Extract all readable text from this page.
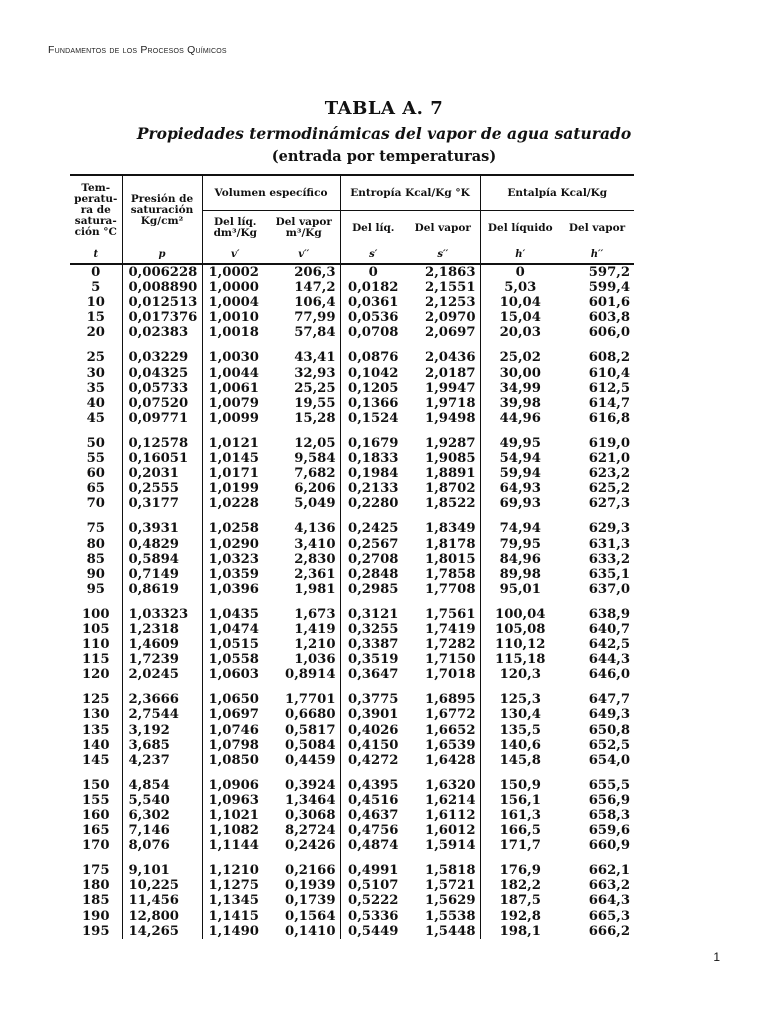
Fundamentos de los Procesos Químicos
TABLA A. 7
Propiedades termodinámicas del vapor de agua saturado
(entrada por temperaturas)
Tem- peratu- ra de satura- ción °C	Presión de saturación Kg/cm²	Volumen específico		Entropía Kcal/Kg °K		Entalpía Kcal/Kg	
		Del líq. dm³/Kg	Del vapor m³/Kg	Del líq.	Del vapor	Del líquido	Del vapor
t	p	v′	v′′	s′	s′′	h′	h′′
0	0,006228	1,0002	206,3	0	2,1863	0	597,2
5	0,008890	1,0000	147,2	0,0182	2,1551	5,03	599,4
10	0,012513	1,0004	106,4	0,0361	2,1253	10,04	601,6
15	0,017376	1,0010	77,99	0,0536	2,0970	15,04	603,8
20	0,02383	1,0018	57,84	0,0708	2,0697	20,03	606,0

25	0,03229	1,0030	43,41	0,0876	2,0436	25,02	608,2
30	0,04325	1,0044	32,93	0,1042	2,0187	30,00	610,4
35	0,05733	1,0061	25,25	0,1205	1,9947	34,99	612,5
40	0,07520	1,0079	19,55	0,1366	1,9718	39,98	614,7
45	0,09771	1,0099	15,28	0,1524	1,9498	44,96	616,8

50	0,12578	1,0121	12,05	0,1679	1,9287	49,95	619,0
55	0,16051	1,0145	9,584	0,1833	1,9085	54,94	621,0
60	0,2031	1,0171	7,682	0,1984	1,8891	59,94	623,2
65	0,2555	1,0199	6,206	0,2133	1,8702	64,93	625,2
70	0,3177	1,0228	5,049	0,2280	1,8522	69,93	627,3

75	0,3931	1,0258	4,136	0,2425	1,8349	74,94	629,3
80	0,4829	1,0290	3,410	0,2567	1,8178	79,95	631,3
85	0,5894	1,0323	2,830	0,2708	1,8015	84,96	633,2
90	0,7149	1,0359	2,361	0,2848	1,7858	89,98	635,1
95	0,8619	1,0396	1,981	0,2985	1,7708	95,01	637,0

100	1,03323	1,0435	1,673	0,3121	1,7561	100,04	638,9
105	1,2318	1,0474	1,419	0,3255	1,7419	105,08	640,7
110	1,4609	1,0515	1,210	0,3387	1,7282	110,12	642,5
115	1,7239	1,0558	1,036	0,3519	1,7150	115,18	644,3
120	2,0245	1,0603	0,8914	0,3647	1,7018	120,3	646,0

125	2,3666	1,0650	1,7701	0,3775	1,6895	125,3	647,7
130	2,7544	1,0697	0,6680	0,3901	1,6772	130,4	649,3
135	3,192	1,0746	0,5817	0,4026	1,6652	135,5	650,8
140	3,685	1,0798	0,5084	0,4150	1,6539	140,6	652,5
145	4,237	1,0850	0,4459	0,4272	1,6428	145,8	654,0

150	4,854	1,0906	0,3924	0,4395	1,6320	150,9	655,5
155	5,540	1,0963	1,3464	0,4516	1,6214	156,1	656,9
160	6,302	1,1021	0,3068	0,4637	1,6112	161,3	658,3
165	7,146	1,1082	8,2724	0,4756	1,6012	166,5	659,6
170	8,076	1,1144	0,2426	0,4874	1,5914	171,7	660,9

175	9,101	1,1210	0,2166	0,4991	1,5818	176,9	662,1
180	10,225	1,1275	0,1939	0,5107	1,5721	182,2	663,2
185	11,456	1,1345	0,1739	0,5222	1,5629	187,5	664,3
190	12,800	1,1415	0,1564	0,5336	1,5538	192,8	665,3
195	14,265	1,1490	0,1410	0,5449	1,5448	198,1	666,2
1
